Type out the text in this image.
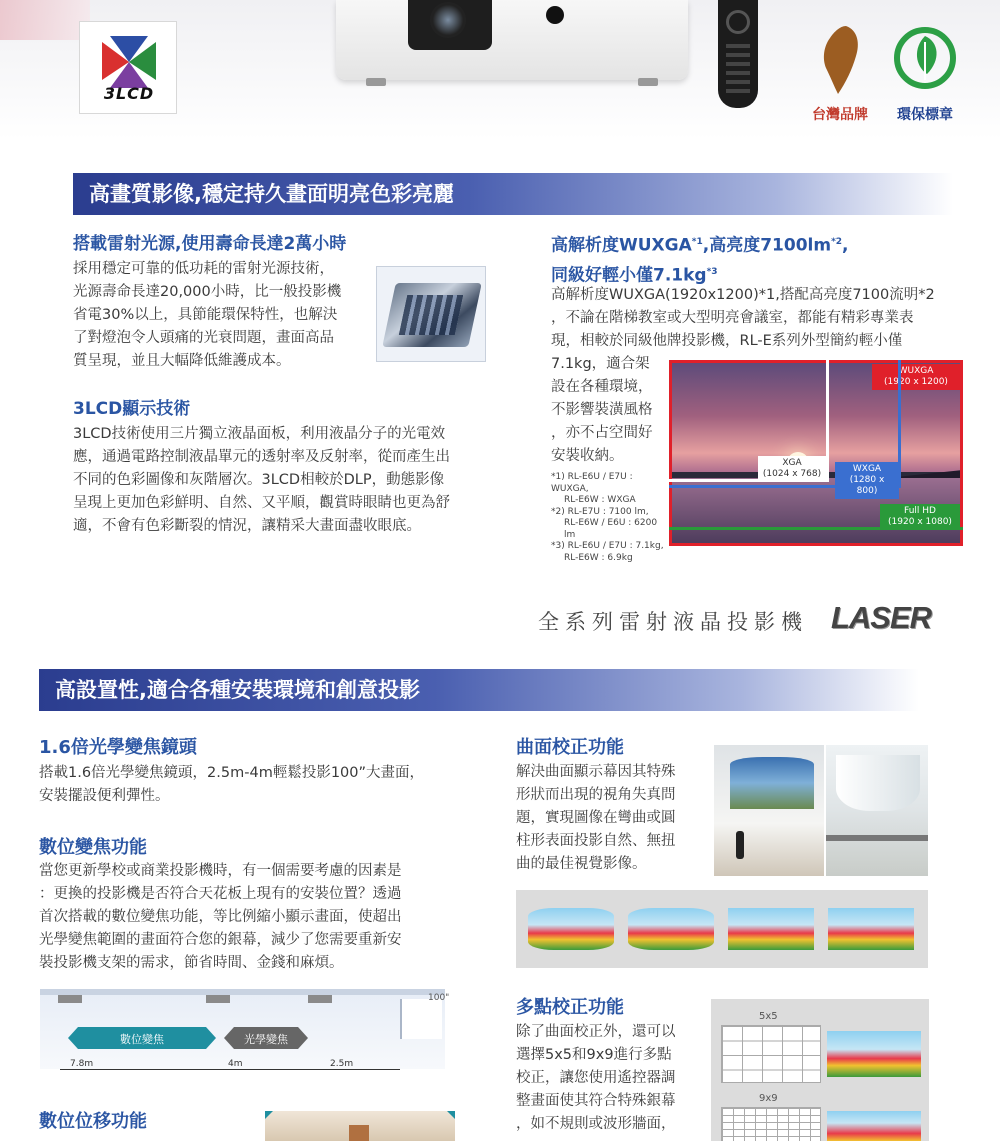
3LCD
台灣品牌	環保標章
高畫質影像,穩定持久畫面明亮色彩亮麗
搭載雷射光源,使用壽命長達2萬小時
採用穩定可靠的低功耗的雷射光源技術，
光源壽命長達20,000小時，比一般投影機
省電30%以上，具節能環保特性，也解決
了對燈泡令人頭痛的光衰問題，畫面高品
質呈現，並且大幅降低維護成本。
3LCD顯示技術
3LCD技術使用三片獨立液晶面板，利用液晶分子的光電效
應，通過電路控制液晶單元的透射率及反射率，從而產生出
不同的色彩圖像和灰階層次。3LCD相較於DLP，動態影像
呈現上更加色彩鮮明、自然、又平順，觀賞時眼睛也更為舒
適，不會有色彩斷裂的情況，讓精采大畫面盡收眼底。
高解析度WUXGA$^{*1}$,高亮度$7100lm^{*2}$,
同級好輕小僅$7.1kg^{*3}$
高解析度WUXGA(1920x1200)*1,搭配高亮度7100流明*2
，不論在階梯教室或大型明亮會議室，都能有精彩專業表
現，相較於同級他牌投影機，RL-E系列外型簡約輕小僅
7.1kg，適合架
設在各種環境，
不影響裝潢風格
，亦不占空間好
安裝收納。
*1) RL-E6U / E7U : WUXGA,
RL-E6W : WXGA
*2) RL-E7U : 7100 lm,
RL-E6W / E6U : 6200 lm
*3) RL-E6U / E7U : 7.1kg,
RL-E6W : 6.9kg
WUXGA
(1920 x 1200)
XGA
(1024 x 768)	WXGA
(1280 x 800)
Full HD
(1920 x 1080)
全系列雷射液晶投影機 LASER
高設置性,適合各種安裝環境和創意投影
1.6倍光學變焦鏡頭
搭載1.6倍光學變焦鏡頭，2.5m-4m輕鬆投影100”大畫面，
安裝擺設便利彈性。
數位變焦功能
當您更新學校或商業投影機時，有一個需要考慮的因素是
：更換的投影機是否符合天花板上現有的安裝位置？透過
首次搭載的數位變焦功能，等比例縮小顯示畫面，使超出
光學變焦範圍的畫面符合您的銀幕，減少了您需要重新安
裝投影機支架的需求，節省時間、金錢和麻煩。
100"
數位變焦	光學變焦
7.8m	4m	2.5m
數位位移功能
曲面校正功能
解決曲面顯示幕因其特殊
形狀而出現的視角失真問
題，實現圖像在彎曲或圓
柱形表面投影自然、無扭
曲的最佳視覺影像。
多點校正功能
除了曲面校正外，還可以
選擇5x5和9x9進行多點
校正，讓您使用遙控器調
整畫面使其符合特殊銀幕
，如不規則或波形牆面，
5x5
9x9
